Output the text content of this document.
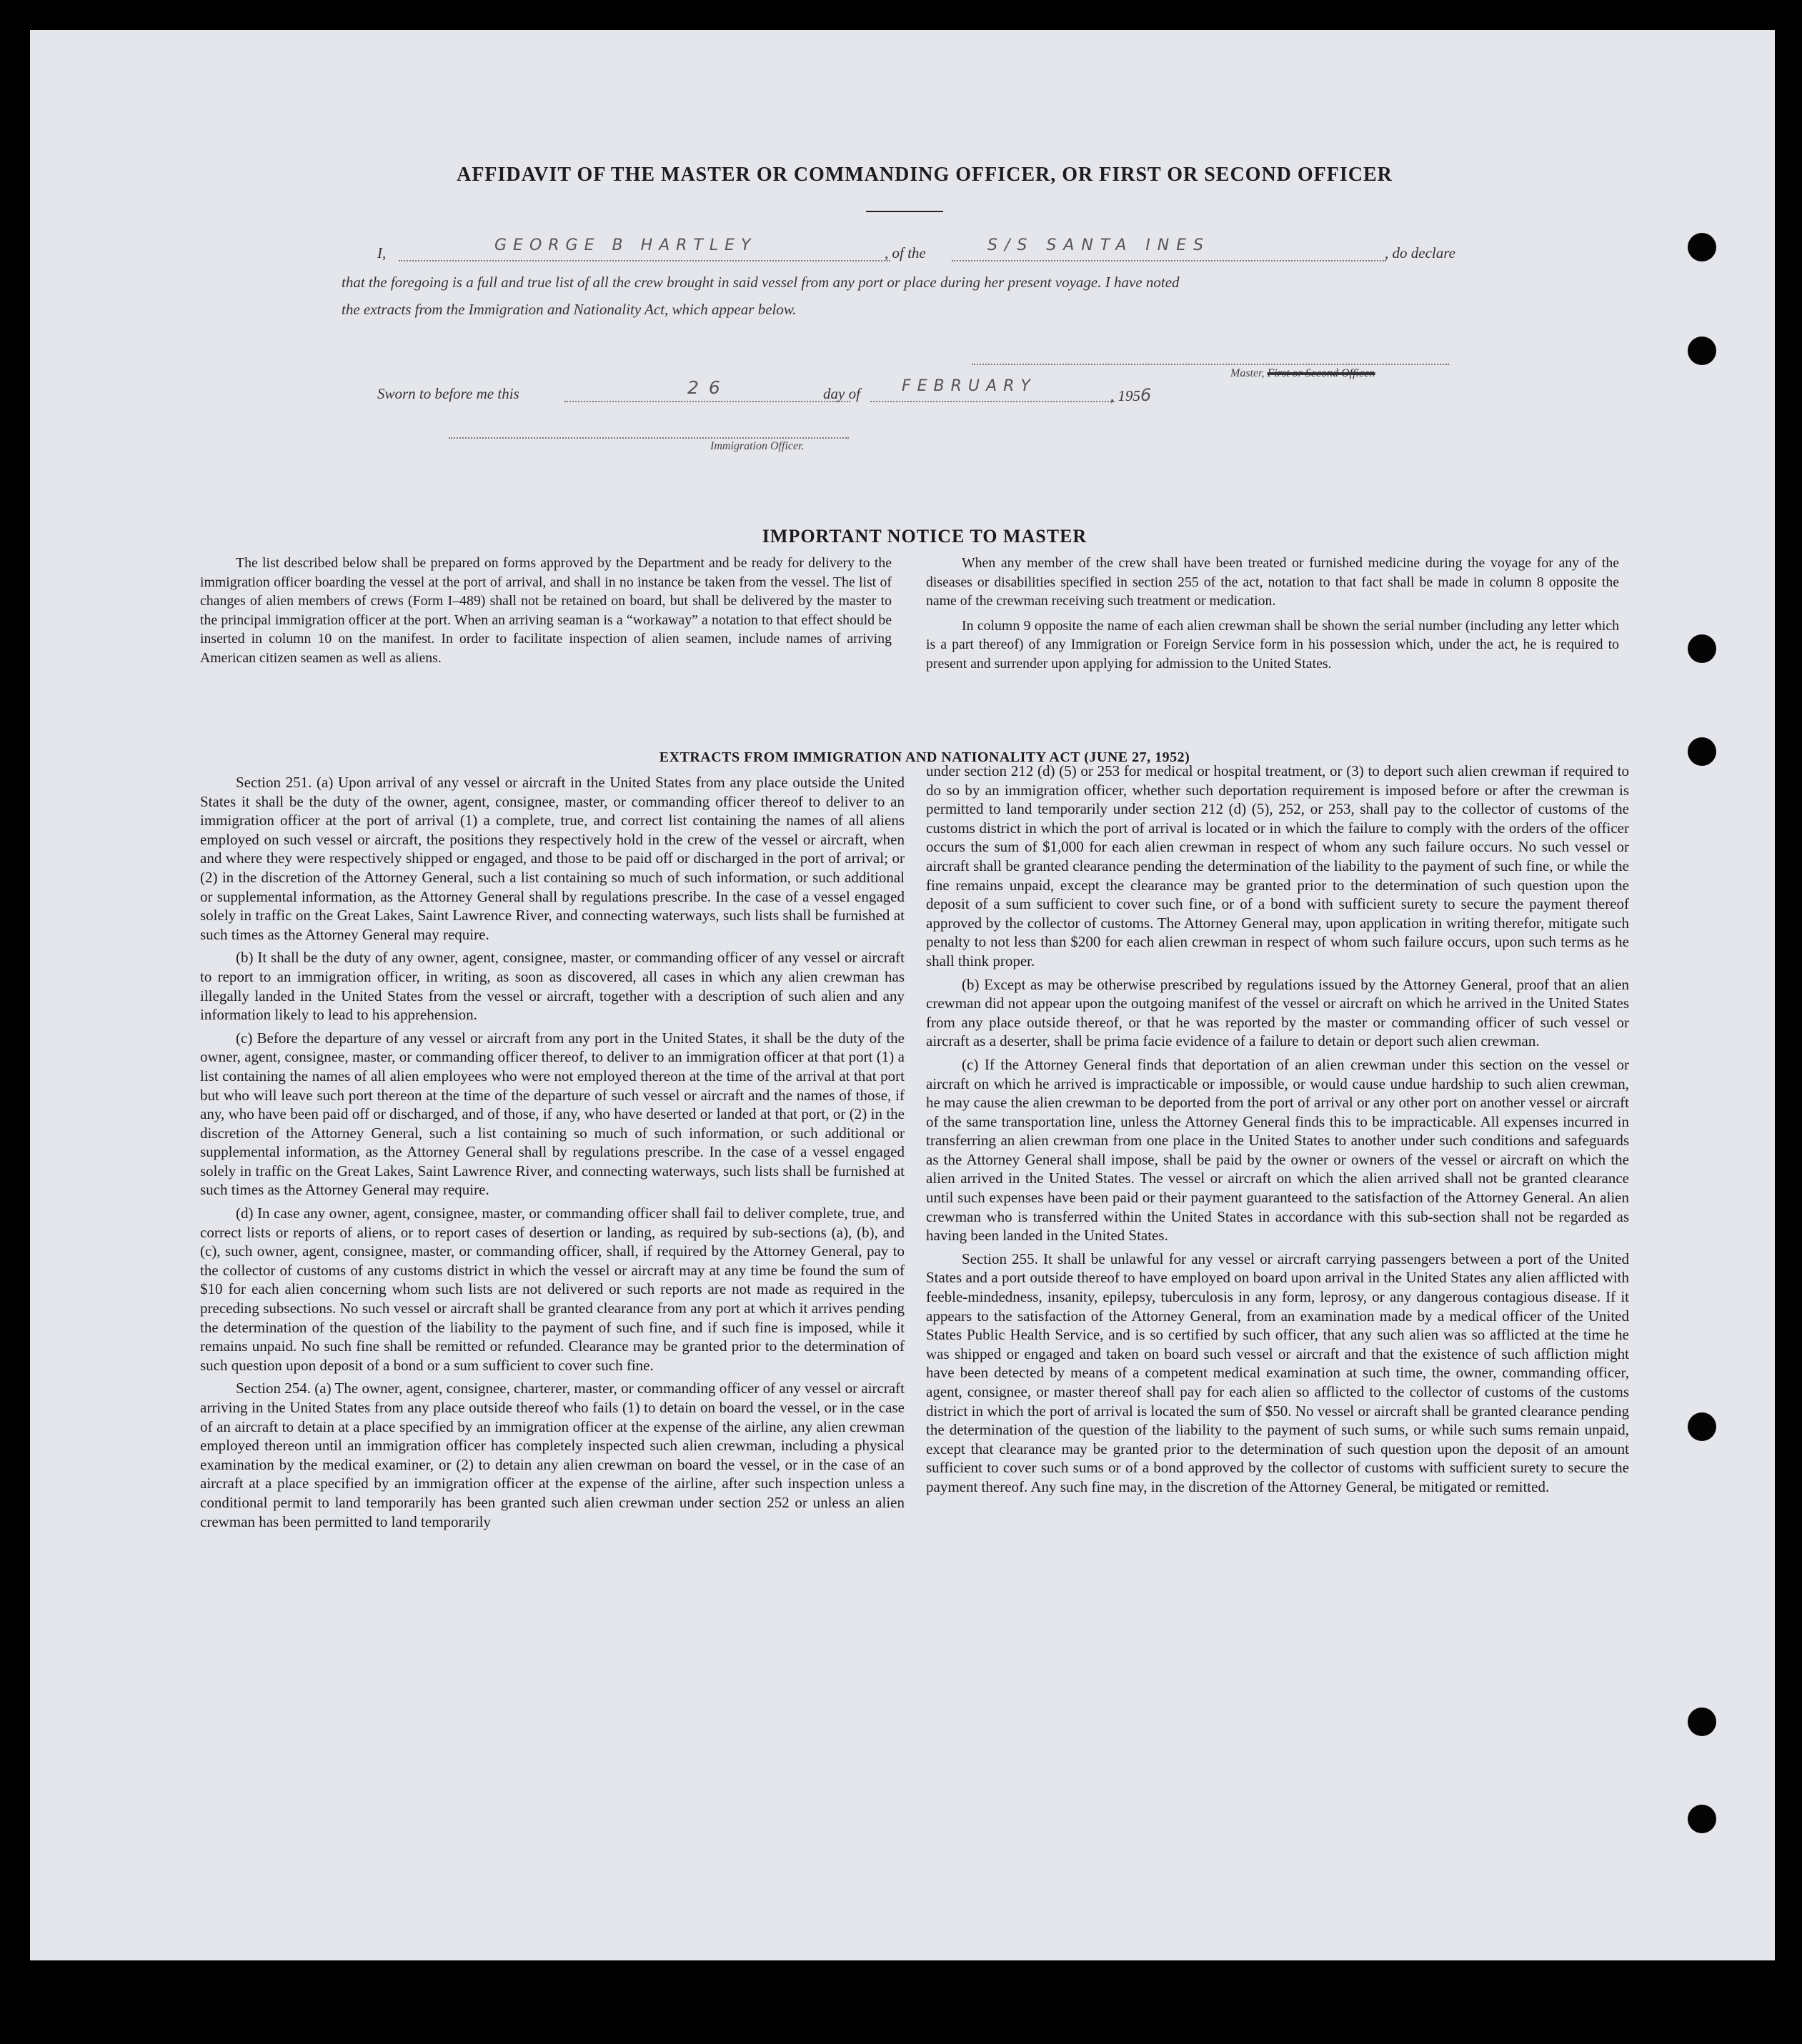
AFFIDAVIT OF THE MASTER OR COMMANDING OFFICER, OR FIRST OR SECOND OFFICER
I,	GEORGE B HARTLEY	, of the	S/S SANTA INES	, do declare
that the foregoing is a full and true list of all the crew brought in said vessel from any port or place during her present voyage. I have noted
the extracts from the Immigration and Nationality Act, which appear below.
Master, First or Second Officer.
Sworn to before me this	26	day of	FEBRUARY
, 1956
Immigration Officer.
IMPORTANT NOTICE TO MASTER

The list described below shall be prepared on forms approved by the Department and be ready for delivery to the immigration officer boarding the vessel at the port of arrival, and shall in no instance be taken from the vessel. The list of changes of alien members of crews (Form I–489) shall not be retained on board, but shall be delivered by the master to the principal immigration officer at the port. When an arriving seaman is a “workaway” a notation to that effect should be inserted in column 10 on the manifest. In order to facilitate inspection of alien seamen, include names of arriving American citizen seamen as well as aliens.

When any member of the crew shall have been treated or furnished medicine during the voyage for any of the diseases or disabilities specified in section 255 of the act, notation to that fact shall be made in column 8 opposite the name of the crewman receiving such treatment or medication.

In column 9 opposite the name of each alien crewman shall be shown the serial number (including any letter which is a part thereof) of any Immigration or Foreign Service form in his possession which, under the act, he is required to present and surrender upon applying for admission to the United States.

EXTRACTS FROM IMMIGRATION AND NATIONALITY ACT (JUNE 27, 1952)

Section 251. (a) Upon arrival of any vessel or aircraft in the United States from any place outside the United States it shall be the duty of the owner, agent, consignee, master, or commanding officer thereof to deliver to an immigration officer at the port of arrival (1) a complete, true, and correct list containing the names of all aliens employed on such vessel or aircraft, the positions they respectively hold in the crew of the vessel or aircraft, when and where they were respectively shipped or engaged, and those to be paid off or discharged in the port of arrival; or (2) in the discretion of the Attorney General, such a list containing so much of such information, or such additional or supplemental information, as the Attorney General shall by regulations prescribe. In the case of a vessel engaged solely in traffic on the Great Lakes, Saint Lawrence River, and connecting waterways, such lists shall be furnished at such times as the Attorney General may require.

(b) It shall be the duty of any owner, agent, consignee, master, or commanding officer of any vessel or aircraft to report to an immigration officer, in writing, as soon as discovered, all cases in which any alien crewman has illegally landed in the United States from the vessel or aircraft, together with a description of such alien and any information likely to lead to his apprehension.

(c) Before the departure of any vessel or aircraft from any port in the United States, it shall be the duty of the owner, agent, consignee, master, or commanding officer thereof, to deliver to an immigration officer at that port (1) a list containing the names of all alien employees who were not employed thereon at the time of the arrival at that port but who will leave such port thereon at the time of the departure of such vessel or aircraft and the names of those, if any, who have been paid off or discharged, and of those, if any, who have deserted or landed at that port, or (2) in the discretion of the Attorney General, such a list containing so much of such information, or such additional or supplemental information, as the Attorney General shall by regulations prescribe. In the case of a vessel engaged solely in traffic on the Great Lakes, Saint Lawrence River, and connecting waterways, such lists shall be furnished at such times as the Attorney General may require.

(d) In case any owner, agent, consignee, master, or commanding officer shall fail to deliver complete, true, and correct lists or reports of aliens, or to report cases of desertion or landing, as required by sub-sections (a), (b), and (c), such owner, agent, consignee, master, or commanding officer, shall, if required by the Attorney General, pay to the collector of customs of any customs district in which the vessel or aircraft may at any time be found the sum of $10 for each alien concerning whom such lists are not delivered or such reports are not made as required in the preceding subsections. No such vessel or aircraft shall be granted clearance from any port at which it arrives pending the determination of the question of the liability to the payment of such fine, and if such fine is imposed, while it remains unpaid. No such fine shall be remitted or refunded. Clearance may be granted prior to the determination of such question upon deposit of a bond or a sum sufficient to cover such fine.

Section 254. (a) The owner, agent, consignee, charterer, master, or commanding officer of any vessel or aircraft arriving in the United States from any place outside thereof who fails (1) to detain on board the vessel, or in the case of an aircraft to detain at a place specified by an immigration officer at the expense of the airline, any alien crewman employed thereon until an immigration officer has completely inspected such alien crewman, including a physical examination by the medical examiner, or (2) to detain any alien crewman on board the vessel, or in the case of an aircraft at a place specified by an immigration officer at the expense of the airline, after such inspection unless a conditional permit to land temporarily has been granted such alien crewman under section 252 or unless an alien crewman has been permitted to land temporarily

under section 212 (d) (5) or 253 for medical or hospital treatment, or (3) to deport such alien crewman if required to do so by an immigration officer, whether such deportation requirement is imposed before or after the crewman is permitted to land temporarily under section 212 (d) (5), 252, or 253, shall pay to the collector of customs of the customs district in which the port of arrival is located or in which the failure to comply with the orders of the officer occurs the sum of $1,000 for each alien crewman in respect of whom any such failure occurs. No such vessel or aircraft shall be granted clearance pending the determination of the liability to the payment of such fine, or while the fine remains unpaid, except the clearance may be granted prior to the determination of such question upon the deposit of a sum sufficient to cover such fine, or of a bond with sufficient surety to secure the payment thereof approved by the collector of customs. The Attorney General may, upon application in writing therefor, mitigate such penalty to not less than $200 for each alien crewman in respect of whom such failure occurs, upon such terms as he shall think proper.

(b) Except as may be otherwise prescribed by regulations issued by the Attorney General, proof that an alien crewman did not appear upon the outgoing manifest of the vessel or aircraft on which he arrived in the United States from any place outside thereof, or that he was reported by the master or commanding officer of such vessel or aircraft as a deserter, shall be prima facie evidence of a failure to detain or deport such alien crewman.

(c) If the Attorney General finds that deportation of an alien crewman under this section on the vessel or aircraft on which he arrived is impracticable or impossible, or would cause undue hardship to such alien crewman, he may cause the alien crewman to be deported from the port of arrival or any other port on another vessel or aircraft of the same transportation line, unless the Attorney General finds this to be impracticable. All expenses incurred in transferring an alien crewman from one place in the United States to another under such conditions and safeguards as the Attorney General shall impose, shall be paid by the owner or owners of the vessel or aircraft on which the alien arrived in the United States. The vessel or aircraft on which the alien arrived shall not be granted clearance until such expenses have been paid or their payment guaranteed to the satisfaction of the Attorney General. An alien crewman who is transferred within the United States in accordance with this sub-section shall not be regarded as having been landed in the United States.

Section 255. It shall be unlawful for any vessel or aircraft carrying passengers between a port of the United States and a port outside thereof to have employed on board upon arrival in the United States any alien afflicted with feeble-mindedness, insanity, epilepsy, tuberculosis in any form, leprosy, or any dangerous contagious disease. If it appears to the satisfaction of the Attorney General, from an examination made by a medical officer of the United States Public Health Service, and is so certified by such officer, that any such alien was so afflicted at the time he was shipped or engaged and taken on board such vessel or aircraft and that the existence of such affliction might have been detected by means of a competent medical examination at such time, the owner, commanding officer, agent, consignee, or master thereof shall pay for each alien so afflicted to the collector of customs of the customs district in which the port of arrival is located the sum of $50. No vessel or aircraft shall be granted clearance pending the determination of the question of the liability to the payment of such sums, or while such sums remain unpaid, except that clearance may be granted prior to the determination of such question upon the deposit of an amount sufficient to cover such sums or of a bond approved by the collector of customs with sufficient surety to secure the payment thereof. Any such fine may, in the discretion of the Attorney General, be mitigated or remitted.
